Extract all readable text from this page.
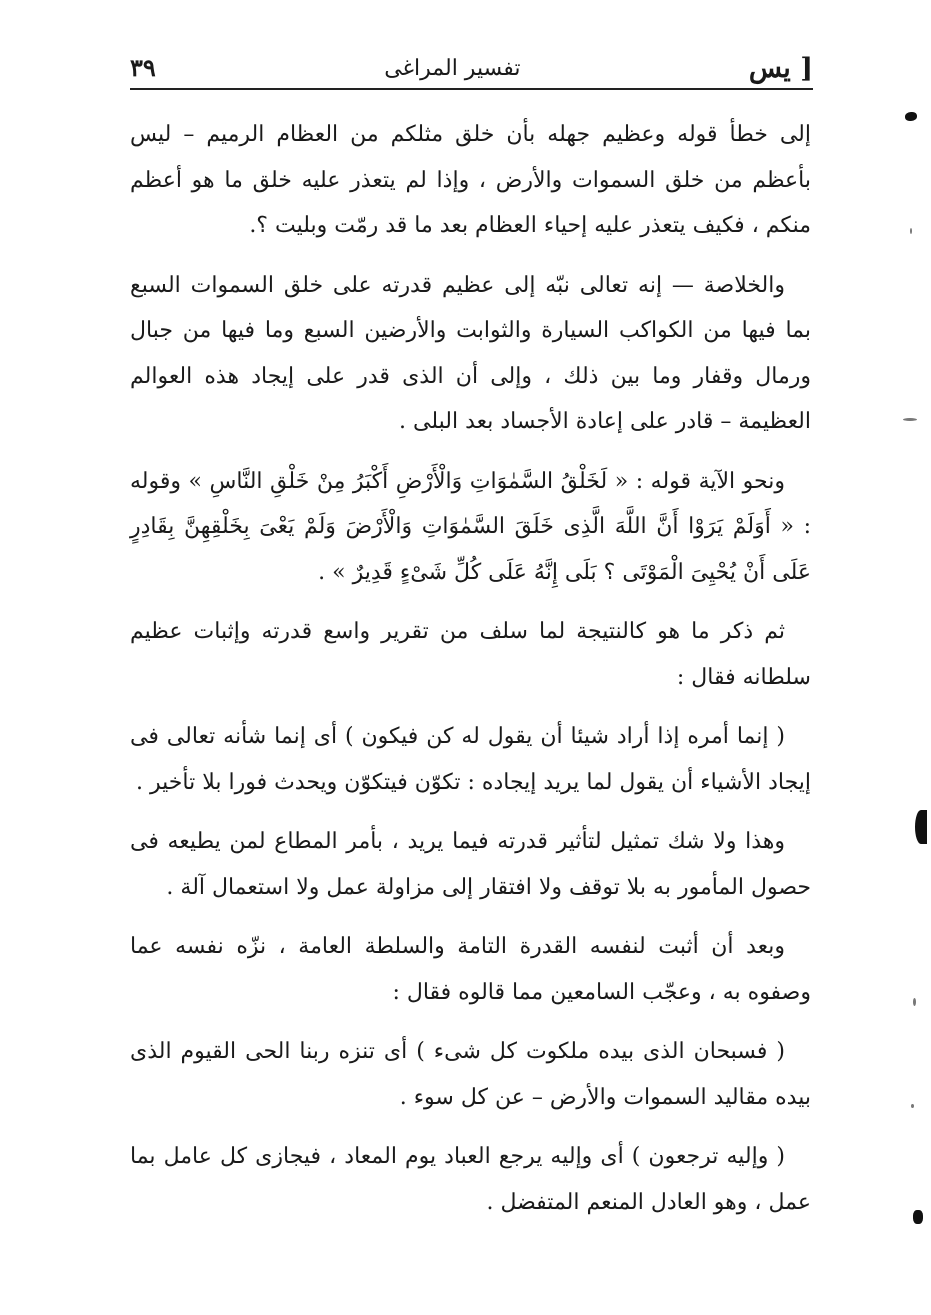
[ يس
تفسير المراغى
٣٩

إلى خطأ قوله وعظيم جهله بأن خلق مثلكم من العظام الرميم – ليس بأعظم من خلق السموات والأرض ، وإذا لم يتعذر عليه خلق ما هو أعظم منكم ، فكيف يتعذر عليه إحياء العظام بعد ما قد رمّت وبليت ؟.

والخلاصة — إنه تعالى نبّه إلى عظيم قدرته على خلق السموات السبع بما فيها من الكواكب السيارة والثوابت والأرضين السبع وما فيها من جبال ورمال وقفار وما بين ذلك ، وإلى أن الذى قدر على إيجاد هذه العوالم العظيمة – قادر على إعادة الأجساد بعد البلى .

ونحو الآية قوله : « لَخَلْقُ السَّمٰوَاتِ وَالْأَرْضِ أَكْبَرُ مِنْ خَلْقِ النَّاسِ » وقوله : « أَوَلَمْ يَرَوْا أَنَّ اللَّهَ الَّذِى خَلَقَ السَّمٰوَاتِ وَالْأَرْضَ وَلَمْ يَعْىَ بِخَلْقِهِنَّ بِقَادِرٍ عَلَى أَنْ يُحْيِىَ الْمَوْتَى ؟ بَلَى إِنَّهُ عَلَى كُلِّ شَىْءٍ قَدِيرٌ » .

ثم ذكر ما هو كالنتيجة لما سلف من تقرير واسع قدرته وإثبات عظيم سلطانه فقال :

( إنما أمره إذا أراد شيئا أن يقول له كن فيكون ) أى إنما شأنه تعالى فى إيجاد الأشياء أن يقول لما يريد إيجاده : تكوّن فيتكوّن ويحدث فورا بلا تأخير .

وهذا ولا شك تمثيل لتأثير قدرته فيما يريد ، بأمر المطاع لمن يطيعه فى حصول المأمور به بلا توقف ولا افتقار إلى مزاولة عمل ولا استعمال آلة .

وبعد أن أثبت لنفسه القدرة التامة والسلطة العامة ، نزّه نفسه عما وصفوه به ، وعجّب السامعين مما قالوه فقال :

( فسبحان الذى بيده ملكوت كل شىء ) أى تنزه ربنا الحى القيوم الذى بيده مقاليد السموات والأرض – عن كل سوء .

( وإليه ترجعون ) أى وإليه يرجع العباد يوم المعاد ، فيجازى كل عامل بما عمل ، وهو العادل المنعم المتفضل .
